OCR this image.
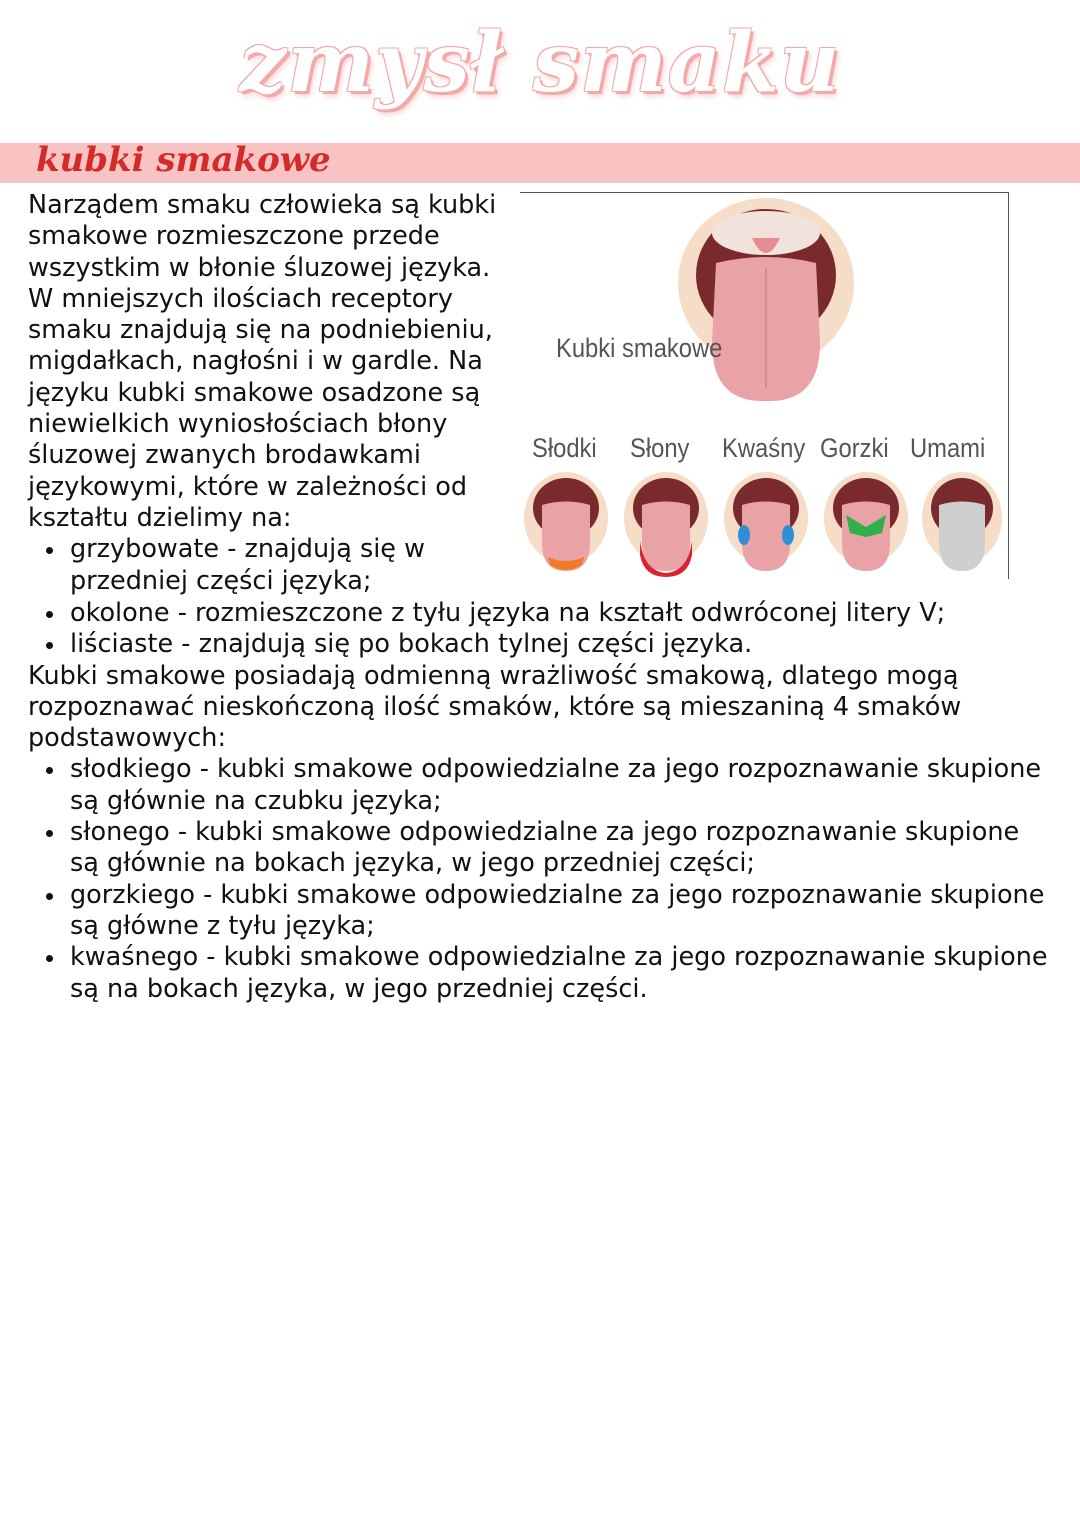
zmysł smaku
kubki smakowe

Narządem smaku człowieka są kubki smakowe rozmieszczone przede wszystkim w błonie śluzowej języka. W mniejszych ilościach receptory smaku znajdują się na podniebieniu, migdałkach, nagłośni i w gardle. Na języku kubki smakowe osadzone są niewielkich wyniosłościach błony śluzowej zwanych brodawkami językowymi, które w zależności od kształtu dzielimy na:

grzybowate - znajdują się w przedniej części języka;

okolone - rozmieszczone z tyłu języka na kształt odwróconej litery V;

liściaste - znajdują się po bokach tylnej części języka.

Kubki smakowe posiadają odmienną wrażliwość smakową, dlatego mogą rozpoznawać nieskończoną ilość smaków, które są mieszaniną 4 smaków podstawowych:

słodkiego - kubki smakowe odpowiedzialne za jego rozpoznawanie skupione są głównie na czubku języka;

słonego - kubki smakowe odpowiedzialne za jego rozpoznawanie skupione są głównie na bokach języka, w jego przedniej części;

gorzkiego - kubki smakowe odpowiedzialne za jego rozpoznawanie skupione są główne z tyłu języka;

kwaśnego - kubki smakowe odpowiedzialne za jego rozpoznawanie skupione są na bokach języka, w jego przedniej części.

Kubki smakowe
Słodki Słony Kwaśny Gorzki Umami
